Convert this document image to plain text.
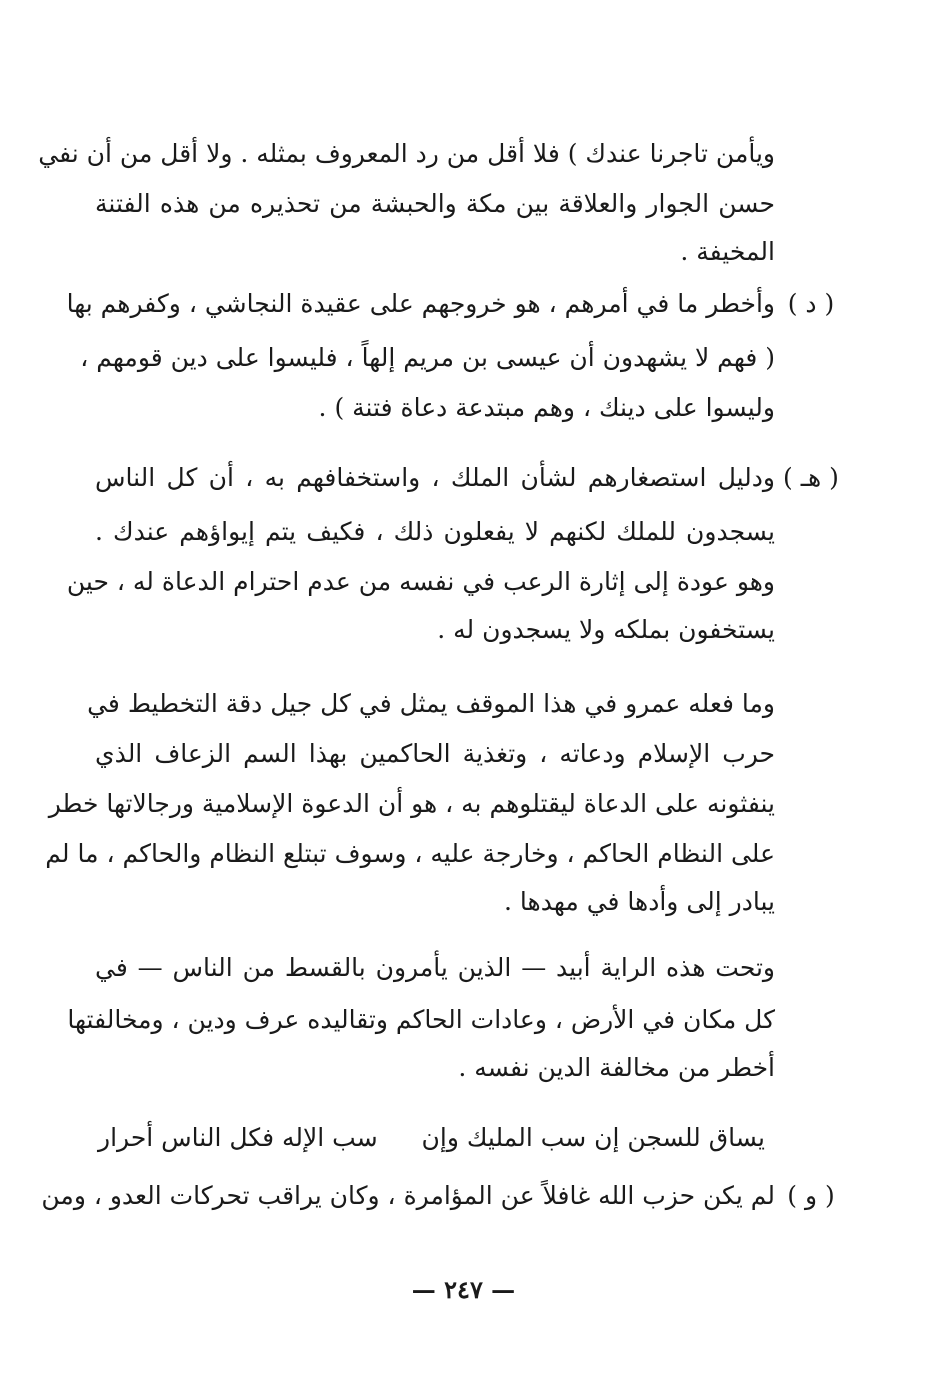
ويأمن تاجرنا عندك ) فلا أقل من رد المعروف بمثله . ولا أقل من أن نفي
حسن الجوار والعلاقة بين مكة والحبشة من تحذيره من هذه الفتنة
المخيفة .
( د )
وأخطر ما في أمرهم ، هو خروجهم على عقيدة النجاشي ، وكفرهم بها
( فهم لا يشهدون أن عيسى بن مريم إلهاً ، فليسوا على دين قومهم ،
وليسوا على دينك ، وهم مبتدعة دعاة فتنة ) .
( هـ )
ودليل استصغارهم لشأن الملك ، واستخفافهم به ، أن كل الناس
يسجدون للملك لكنهم لا يفعلون ذلك ، فكيف يتم إيواؤهم عندك .
وهو عودة إلى إثارة الرعب في نفسه من عدم احترام الدعاة له ، حين
يستخفون بملكه ولا يسجدون له .
وما فعله عمرو في هذا الموقف يمثل في كل جيل دقة التخطيط في
حرب الإسلام ودعاته ، وتغذية الحاكمين بهذا السم الزعاف الذي
ينفثونه على الدعاة ليقتلوهم به ، هو أن الدعوة الإسلامية ورجالاتها خطر
على النظام الحاكم ، وخارجة عليه ، وسوف تبتلع النظام والحاكم ، ما لم
يبادر إلى وأدها في مهدها .
وتحت هذه الراية أبيد — الذين يأمرون بالقسط من الناس — في
كل مكان في الأرض ، وعادات الحاكم وتقاليده عرف ودين ، ومخالفتها
أخطر من مخالفة الدين نفسه .
يساق للسجن إن سب المليك وإن
سب الإله فكل الناس أحرار
( و )
لم يكن حزب الله غافلاً عن المؤامرة ، وكان يراقب تحركات العدو ، ومن
— ٢٤٧ —
